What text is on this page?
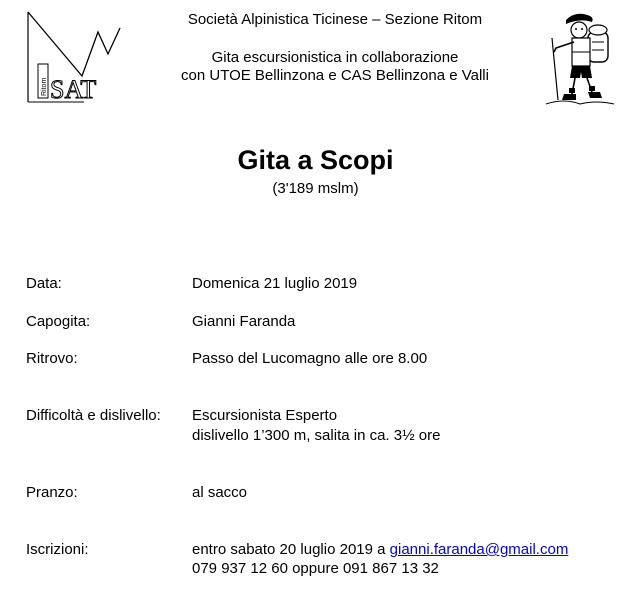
Ritom SAT
Società Alpinistica Ticinese – Sezione Ritom
Gita escursionistica in collaborazione
con UTOE Bellinzona e CAS Bellinzona e Valli
Gita a Scopi
(3'189 mslm)
Data:	Domenica 21 luglio 2019
Capogita:	Gianni Faranda
Ritrovo:	Passo del Lucomagno alle ore 8.00
Difficoltà e dislivello: Escursionista Esperto
dislivello 1’300 m, salita in ca. 3½ ore
Pranzo:	al sacco
Iscrizioni:	entro sabato 20 luglio 2019 a gianni.faranda@gmail.com
079 937 12 60 oppure 091 867 13 32
